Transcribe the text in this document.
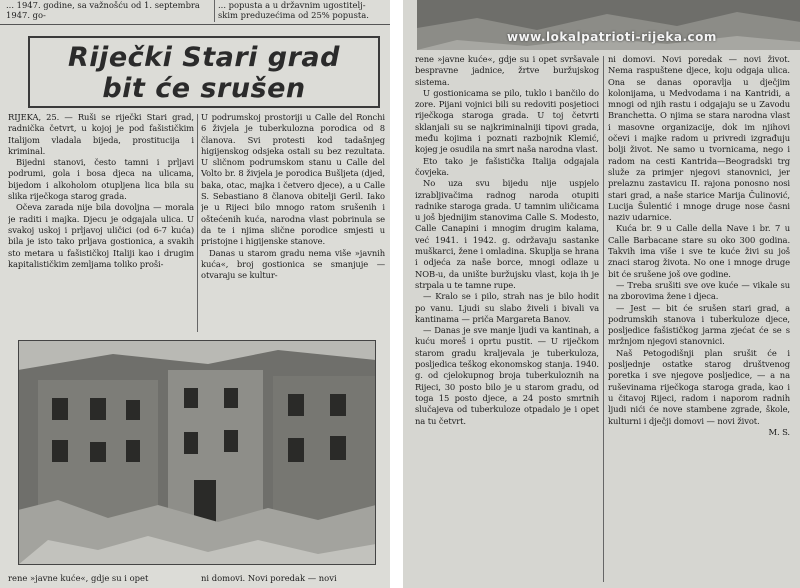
... 1947. godine, sa važnošću od 1. septembra 1947. go-
... popusta a u državnim ugostitelj- skim preduzećima od 25% popusta.
Riječki Stari grad
bit će srušen

RIJEKA, 25. — Ruši se riječki Stari grad, radnička četvrt, u kojoj je pod fašističkim Italijom vladala bijeda, prostitucija i kriminal.

Bijedni stanovi, često tamni i prljavi podrumi, gola i bosa djeca na ulicama, bijedom i alkoholom otupljena lica bila su slika riječkoga starog grada.

Očeva zarada nije bila dovoljna — morala je raditi i majka. Djecu je odgajala ulica. U svakoj uskoj i prljavoj uličici (od 6-7 kuća) bila je isto tako prljava gostionica, a svakih sto metara u fašističkoj Italiji kao i drugim kapitalističkim zemljama toliko proši-

U podrumskoj prostoriji u Calle del Ronchi 6 živjela je tuberkulozna porodica od 8 članova. Svi protesti kod tadašnjeg higijenskog odsjeka ostali su bez rezultata. U sličnom podrumskom stanu u Calle del Volto br. 8 živjela je porodica Bušljeta (djed, baka, otac, majka i četvero djece), a u Calle S. Sebastiano 8 članova obitelji Geril. Iako je u Rijeci bilo mnogo ratom srušenih i oštećenih kuća, narodna vlast pobrinula se da te i njima slične porodice smjesti u pristojne i higijenske stanove.

Danas u starom gradu nema više »javnih kuća«, broj gostionica se smanjuje — otvaraju se kultur-

rene »javne kuće«, gdje su i opet	ni domovi. Novi poredak — novi
www.lokalpatrioti-rijeka.com

rene »javne kuće«, gdje su i opet svršavale bespravne jadnice, žrtve buržujskog sistema.

U gostionicama se pilo, tuklo i bančilo do zore. Pijani vojnici bili su redoviti posjetioci riječkoga staroga grada. U toj četvrti sklanjali su se najkriminalniji tipovi grada, među kojima i poznati razbojnik Klemić, kojeg je osudila na smrt naša narodna vlast.

Eto tako je fašistička Italija odgajala čovjeka.

No uza svu bijedu nije uspjelo izrabljivačima radnog naroda otupiti radnike staroga grada. U tamnim uličicama u još bjednijim stanovima Calle S. Modesto, Calle Canapini i mnogim drugim kalama, već 1941. i 1942. g. održavaju sastanke muškarci, žene i omladina. Skuplja se hrana i odjeća za naše borce, mnogi odlaze u NOB-u, da unište buržujsku vlast, koja ih je strpala u te tamne rupe.

— Kralo se i pilo, strah nas je bilo hodit po vanu. Ljudi su slabo živeli i bivali va kantinama — priča Margareta Banov.

— Danas je sve manje ljudi va kantinah, a kuću moreš i oprtu pustit. — U riječkom starom gradu kraljevala je tuberkuloza, posljedica teškog ekonomskog stanja. 1940. g. od cjelokupnog broja tuberkuloznih na Rijeci, 30 posto bilo je u starom gradu, od toga 15 posto djece, a 24 posto smrtnih slučajeva od tuberkuloze otpadalo je i opet na tu četvrt.

ni domovi. Novi poredak — novi život. Nema raspuštene djece, koju odgaja ulica. Ona se danas oporavlja u dječjim kolonijama, u Medvodama i na Kantridi, a mnogi od njih rastu i odgajaju se u Zavodu Branchetta. O njima se stara narodna vlast i masovne organizacije, dok im njihovi očevi i majke radom u privredi izgrađuju bolji život. Ne samo u tvornicama, nego i radom na cesti Kantrida—Beogradski trg služe za primjer njegovi stanovnici, jer prelaznu zastavicu II. rajona ponosno nosi stari grad, a naše starice Marija Čulinović, Lucija Šulentić i mnoge druge nose časni naziv udarnice.

Kuća br. 9 u Calle della Nave i br. 7 u Calle Barbacane stare su oko 300 godina. Takvih ima više i sve te kuće živi su još znaci starog života. No one i mnoge druge bit će srušene još ove godine.

— Treba srušiti sve ove kuće — vikale su na zborovima žene i djeca.

— Jest — bit će srušen stari grad, a podrumskih stanova i tuberkuloze djece, posljedice fašističkog jarma zjećat će se s mržnjom njegovi stanovnici.

Naš Petogodišnji plan srušit će i posljednje ostatke starog društvenog poretka i sve njegove posljedice, — a na ruševinama riječkoga staroga grada, kao i u čitavoj Rijeci, radom i naporom radnih ljudi nići će nove stambene zgrade, škole, kulturni i dječji domovi — novi život.

M. S.
